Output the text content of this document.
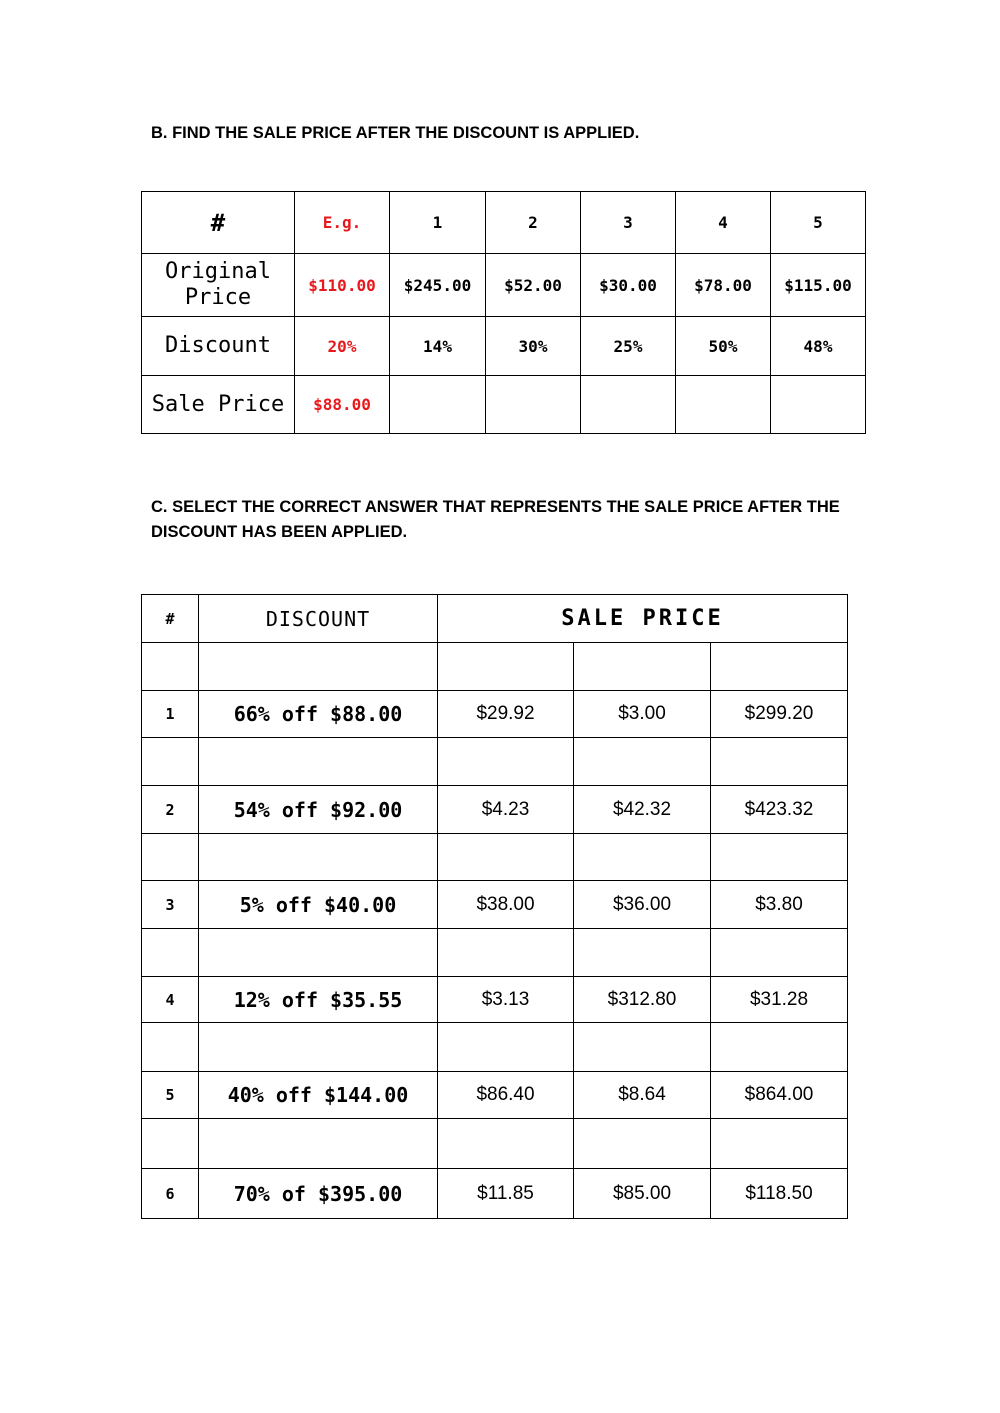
B. FIND THE SALE PRICE AFTER THE DISCOUNT IS APPLIED.

#	E.g.	1	2	3	4	5
Original Price	$110.00	$245.00	$52.00	$30.00	$78.00	$115.00
Discount	20%	14%	30%	25%	50%	48%
Sale Price	$88.00					

C. SELECT THE CORRECT ANSWER THAT REPRESENTS THE SALE PRICE AFTER THE DISCOUNT HAS BEEN APPLIED.

#	DISCOUNT	SALE PRICE		

1	66% off $88.00	$29.92	$3.00	$299.20

2	54% off $92.00	$4.23	$42.32	$423.32

3	5% off $40.00	$38.00	$36.00	$3.80

4	12% off $35.55	$3.13	$312.80	$31.28

5	40% off $144.00	$86.40	$8.64	$864.00

6	70% of $395.00	$11.85	$85.00	$118.50
